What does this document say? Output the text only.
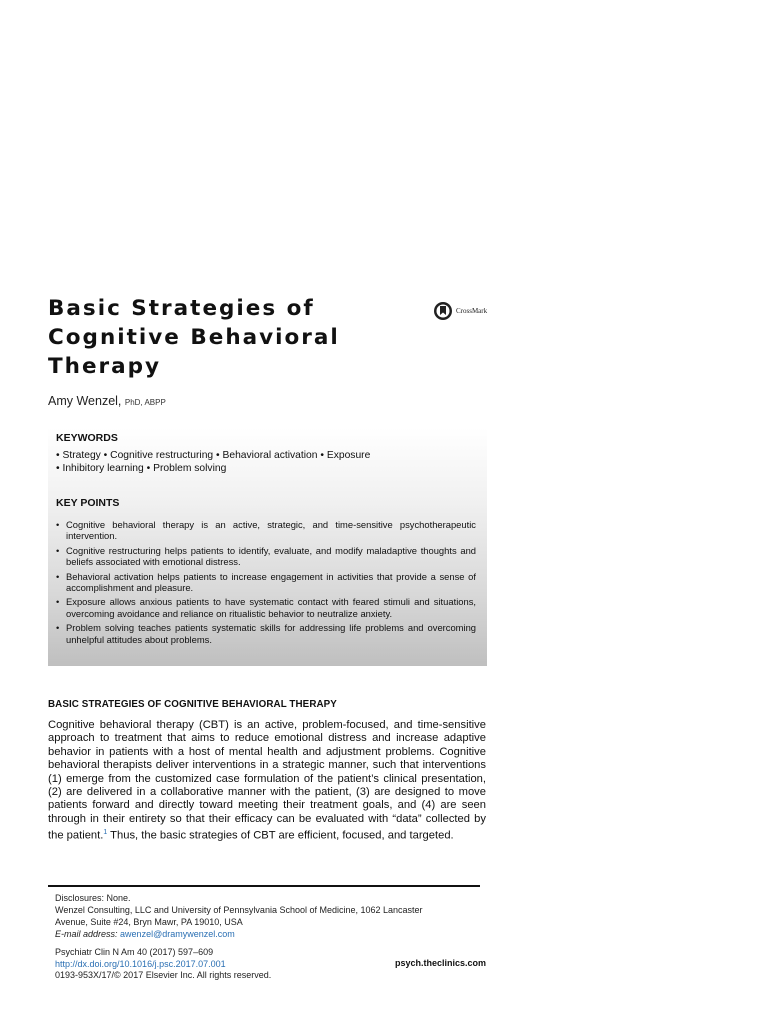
Basic Strategies of
Cognitive Behavioral
Therapy
CrossMark
Amy Wenzel, PhD, ABPP
KEYWORDS
• Strategy • Cognitive restructuring • Behavioral activation • Exposure
• Inhibitory learning • Problem solving
KEY POINTS
• Cognitive behavioral therapy is an active, strategic, and time-sensitive psychotherapeutic intervention.
• Cognitive restructuring helps patients to identify, evaluate, and modify maladaptive thoughts and beliefs associated with emotional distress.
• Behavioral activation helps patients to increase engagement in activities that provide a sense of accomplishment and pleasure.
• Exposure allows anxious patients to have systematic contact with feared stimuli and situations, overcoming avoidance and reliance on ritualistic behavior to neutralize anxiety.
• Problem solving teaches patients systematic skills for addressing life problems and overcoming unhelpful attitudes about problems.
BASIC STRATEGIES OF COGNITIVE BEHAVIORAL THERAPY

Cognitive behavioral therapy (CBT) is an active, problem-focused, and time-sensitive approach to treatment that aims to reduce emotional distress and increase adaptive behavior in patients with a host of mental health and adjustment problems. Cognitive behavioral therapists deliver interventions in a strategic manner, such that interventions (1) emerge from the customized case formulation of the patient’s clinical presentation, (2) are delivered in a collaborative manner with the patient, (3) are designed to move patients forward and directly toward meeting their treatment goals, and (4) are seen through in their entirety so that their efficacy can be evaluated with “data” collected by the patient.$^1$ Thus, the basic strategies of CBT are efficient, focused, and targeted.

Disclosures: None.
Wenzel Consulting, LLC and University of Pennsylvania School of Medicine, 1062 Lancaster
Avenue, Suite #24, Bryn Mawr, PA 19010, USA
E-mail address: awenzel@dramywenzel.com
Psychiatr Clin N Am 40 (2017) 597–609
http://dx.doi.org/10.1016/j.psc.2017.07.001	psych.theclinics.com
0193-953X/17/© 2017 Elsevier Inc. All rights reserved.
